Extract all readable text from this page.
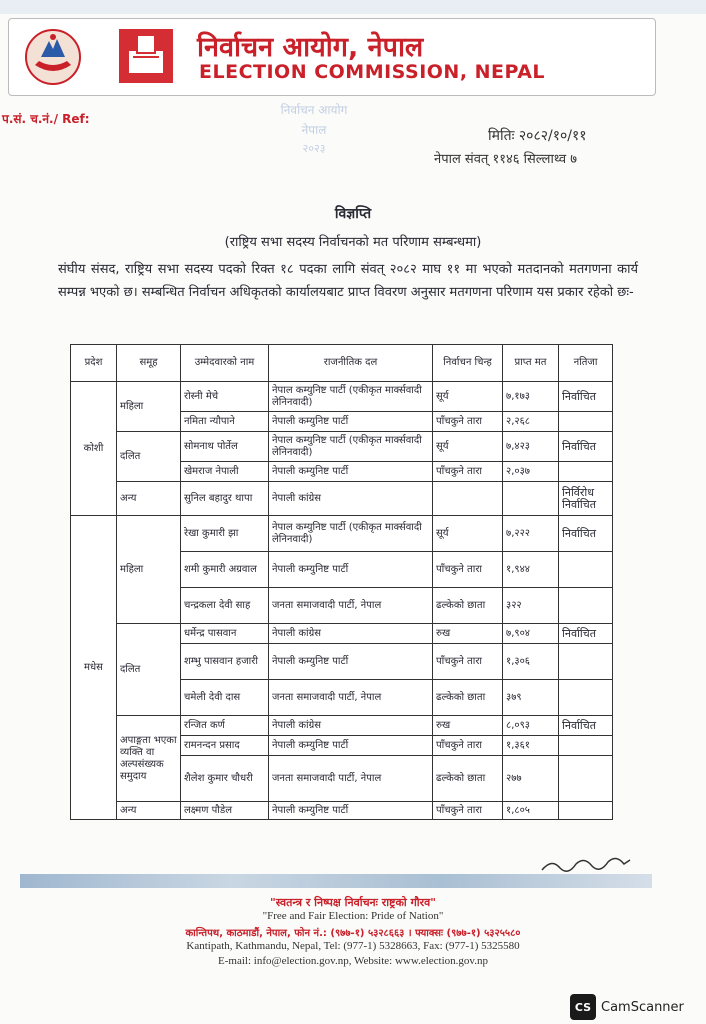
निर्वाचन आयोग, नेपाल
ELECTION COMMISSION, NEPAL
प.सं. च.नं./ Ref:
निर्वाचन आयोग
नेपाल
२०२३
मितिः २०८२/१०/११
नेपाल संवत् ११४६ सिल्लाथ्व ७
विज्ञप्ति
(राष्ट्रिय सभा सदस्य निर्वाचनको मत परिणाम सम्बन्धमा)
संघीय संसद, राष्ट्रिय सभा सदस्य पदको रिक्त १८ पदका लागि संवत् २०८२ माघ ११ मा भएको मतदानको मतगणना कार्य सम्पन्न भएको छ। सम्बन्धित निर्वाचन अधिकृतको कार्यालयबाट प्राप्त विवरण अनुसार मतगणना परिणाम यस प्रकार रहेको छः-
प्रदेश	समूह	उम्मेदवारको नाम	राजनीतिक दल	निर्वाचन चिन्ह	प्राप्त मत	नतिजा
कोशी	महिला	रोस्नी मेचे	नेपाल कम्युनिष्ट पार्टी (एकीकृत मार्क्सवादी लेनिनवादी)	सूर्य	७,१७३	निर्वाचित
		नमिता न्यौपाने	नेपाली कम्युनिष्ट पार्टी	पाँचकुने तारा	२,२६८	
	दलित	सोमनाथ पोर्तेल	नेपाल कम्युनिष्ट पार्टी (एकीकृत मार्क्सवादी लेनिनवादी)	सूर्य	७,४२३	निर्वाचित
		खेमराज नेपाली	नेपाली कम्युनिष्ट पार्टी	पाँचकुने तारा	२,०३७	
	अन्य	सुनिल बहादुर थापा	नेपाली कांग्रेस			निर्विरोध निर्वाचित
मधेस	महिला	रेखा कुमारी झा	नेपाल कम्युनिष्ट पार्टी (एकीकृत मार्क्सवादी लेनिनवादी)	सूर्य	७,२२२	निर्वाचित
		शमी कुमारी अग्रवाल	नेपाली कम्युनिष्ट पार्टी	पाँचकुने तारा	१,९४४	
		चन्द्रकला देवी साह	जनता समाजवादी पार्टी, नेपाल	ढल्केको छाता	३२२	
	दलित	धर्मेन्द्र पासवान	नेपाली कांग्रेस	रुख	७,९०४	निर्वाचित
		शम्भु पासवान हजारी	नेपाली कम्युनिष्ट पार्टी	पाँचकुने तारा	१,३०६	
		चमेली देवी दास	जनता समाजवादी पार्टी, नेपाल	ढल्केको छाता	३७९	
	अपाङ्गता भएका व्यक्ति वा अल्पसंख्यक समुदाय	रन्जित कर्ण	नेपाली कांग्रेस	रुख	८,०९३	निर्वाचित
		रामनन्दन प्रसाद	नेपाली कम्युनिष्ट पार्टी	पाँचकुने तारा	१,३६१	
		शैलेश कुमार चौधरी	जनता समाजवादी पार्टी, नेपाल	ढल्केको छाता	२७७	
	अन्य	लक्ष्मण पौडेल	नेपाली कम्युनिष्ट पार्टी	पाँचकुने तारा	१,८०५	
"स्वतन्त्र र निष्पक्ष निर्वाचनः राष्ट्रको गौरव"
"Free and Fair Election: Pride of Nation"
कान्तिपथ, काठमाडौं, नेपाल, फोन नं.: (९७७-१) ५३२८६६३ । फ्याक्सः (९७७-१) ५३२५५८०
Kantipath, Kathmandu, Nepal, Tel: (977-1) 5328663, Fax: (977-1) 5325580
E-mail: info@election.gov.np, Website: www.election.gov.np
CS CamScanner
